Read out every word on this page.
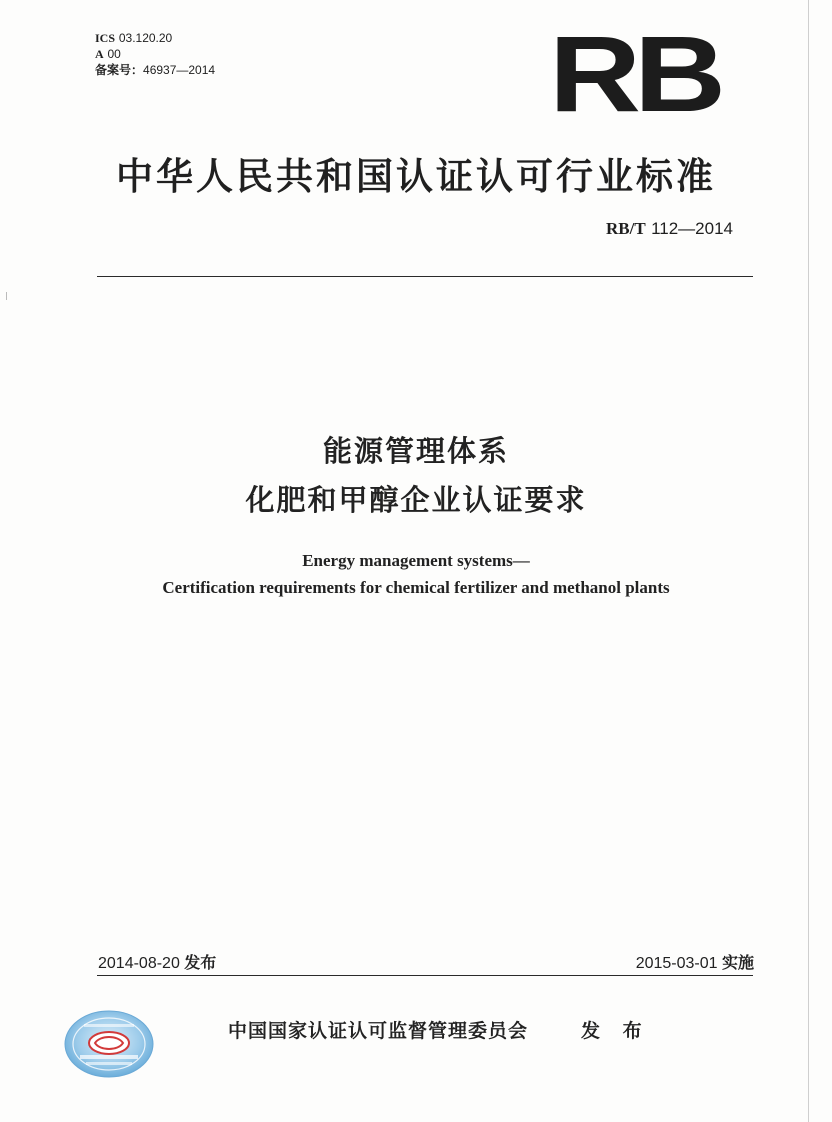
ICS 03.120.20
A 00
备案号：46937—2014	RB
中华人民共和国认证认可行业标准
RB/T 112—2014
能源管理体系
化肥和甲醇企业认证要求
Energy management systems—
Certification requirements for chemical fertilizer and methanol plants
2014-08-20 发布	2015-03-01 实施
中国国家认证认可监督管理委员会	发 布
